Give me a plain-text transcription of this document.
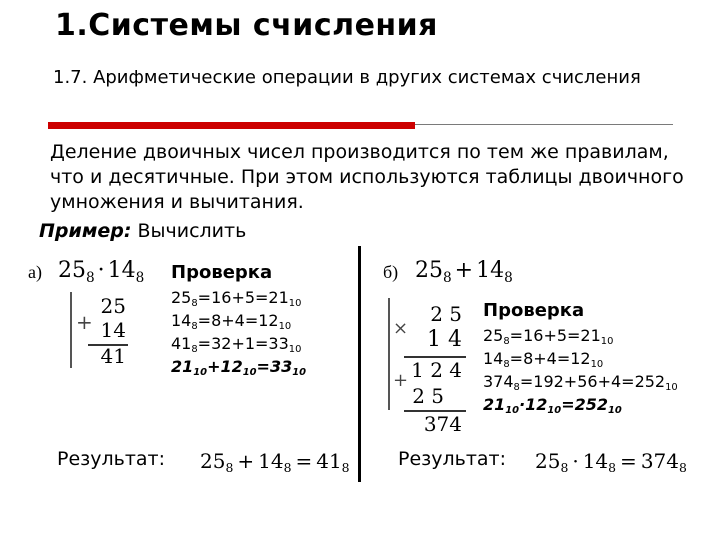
1.Системы счисления
1.7. Арифметические операции в других системах счисления
Деление двоичных чисел производится по тем же правилам, что и десятичные. При этом используются таблицы двоичного умножения и вычитания.
Пример: Вычислить
а) $25_8 \cdot 14_8$
+
25
14
41
Проверка
$25_8=16+5=21_{10}$
$14_8=8+4=12_{10}$
$41_8=32+1=33_{10}$
$21_{10}+12_{10}=33_{10}$
Результат: $25_8 + 14_8 = 41_8$
б) $25_8 + 14_8$
×
+
2 5
1 4
1 2 4
2 5
374
Проверка
$25_8=16+5=21_{10}$
$14_8=8+4=12_{10}$
$374_8=192+56+4=252_{10}$
$21_{10}\cdot 12_{10}=252_{10}$
Результат: $25_8 \cdot 14_8 = 374_8$
